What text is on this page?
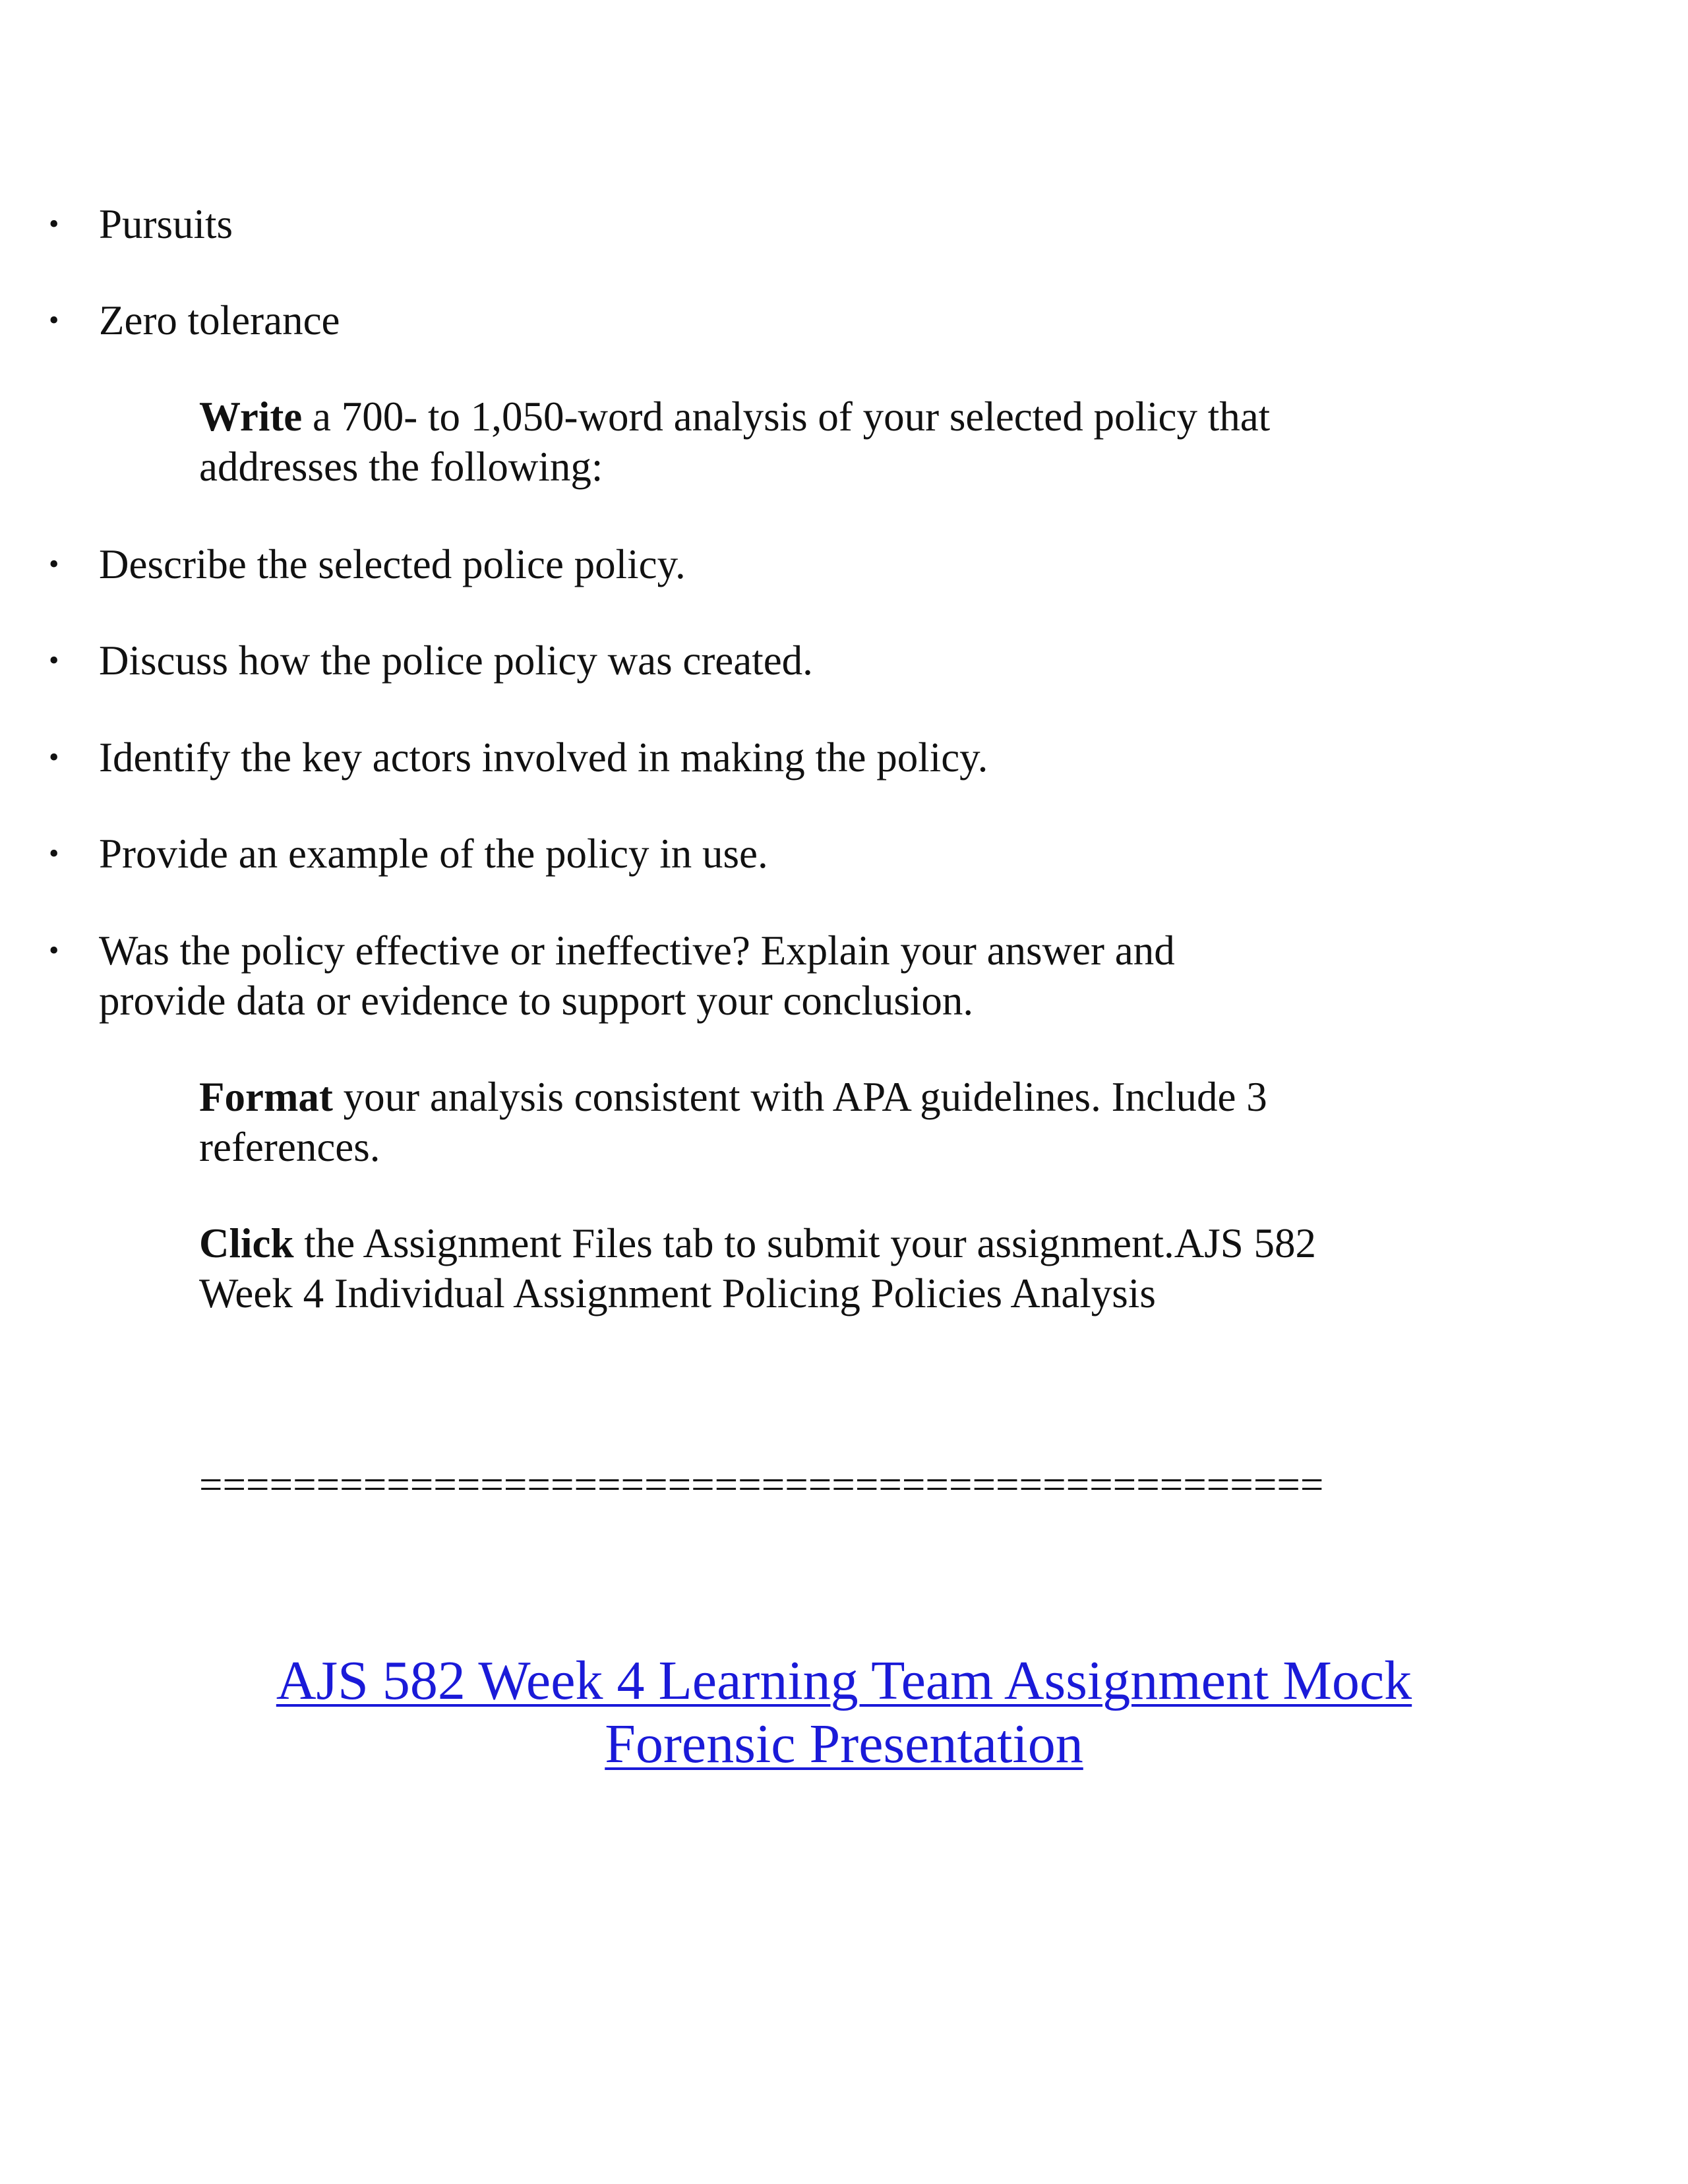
• Pursuits
• Zero tolerance
Write a 700- to 1,050-word analysis of your selected policy that
addresses the following:
• Describe the selected police policy.
• Discuss how the police policy was created.
• Identify the key actors involved in making the policy.
• Provide an example of the policy in use.
• Was the policy effective or ineffective? Explain your answer and
provide data or evidence to support your conclusion.
Format your analysis consistent with APA guidelines. Include 3
references.
Click the Assignment Files tab to submit your assignment.AJS 582
Week 4 Individual Assignment Policing Policies Analysis
================================================
AJS 582 Week 4 Learning Team Assignment Mock
Forensic Presentation
